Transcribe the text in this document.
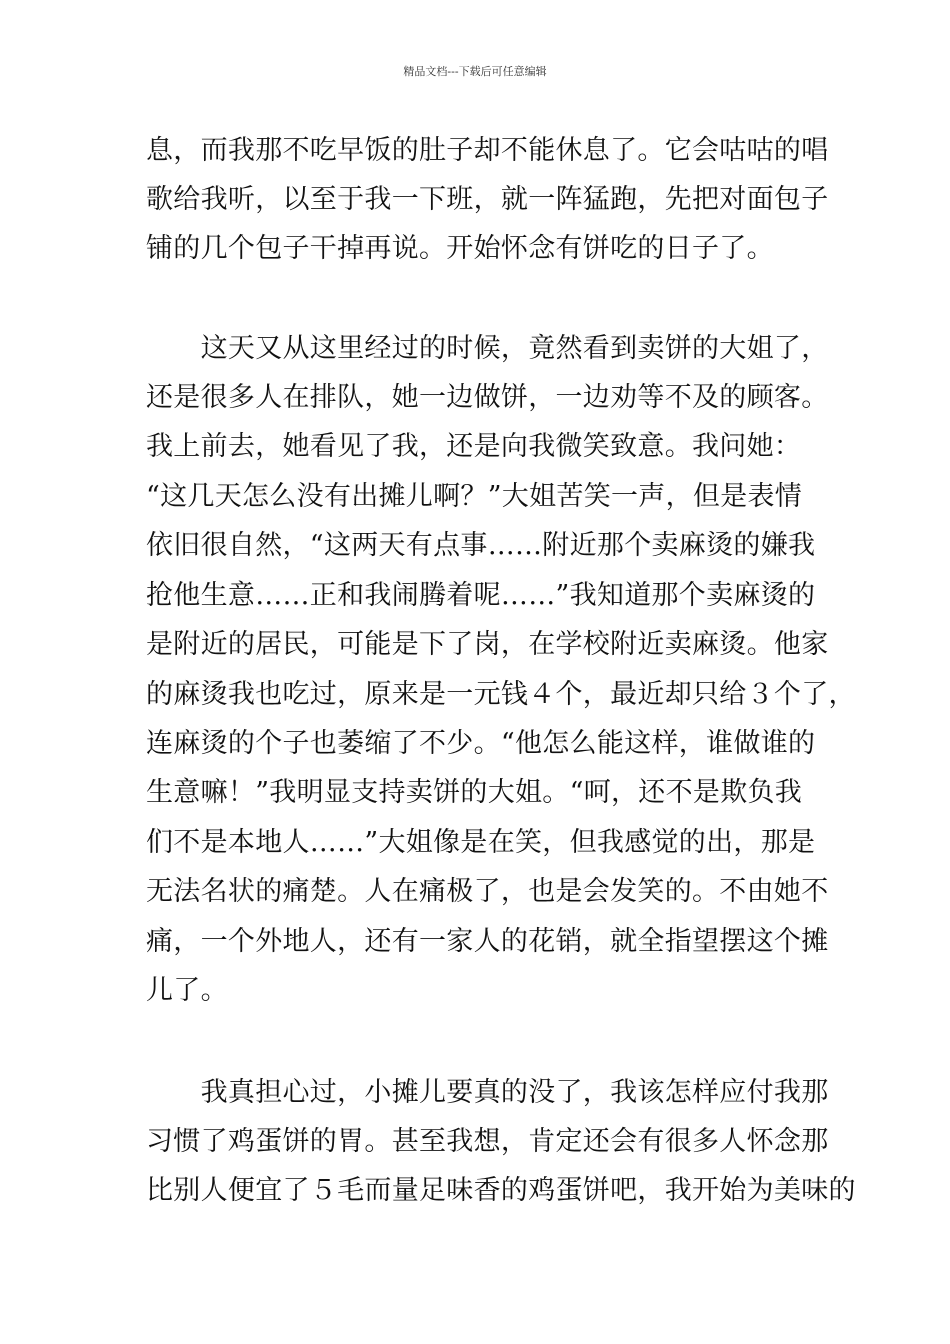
精品文档---下载后可任意编辑
息，而我那不吃早饭的肚子却不能休息了。它会咕咕的唱
歌给我听，以至于我一下班，就一阵猛跑，先把对面包子
铺的几个包子干掉再说。开始怀念有饼吃的日子了。
　　这天又从这里经过的时候，竟然看到卖饼的大姐了，
还是很多人在排队，她一边做饼，一边劝等不及的顾客。
我上前去，她看见了我，还是向我微笑致意。我问她：
“这几天怎么没有出摊儿啊？”大姐苦笑一声，但是表情
依旧很自然，“这两天有点事……附近那个卖麻烫的嫌我
抢他生意……正和我闹腾着呢……”我知道那个卖麻烫的
是附近的居民，可能是下了岗，在学校附近卖麻烫。他家
的麻烫我也吃过，原来是一元钱４个，最近却只给３个了，
连麻烫的个子也萎缩了不少。“他怎么能这样，谁做谁的
生意嘛！”我明显支持卖饼的大姐。“呵，还不是欺负我
们不是本地人……”大姐像是在笑，但我感觉的出，那是
无法名状的痛楚。人在痛极了，也是会发笑的。不由她不
痛，一个外地人，还有一家人的花销，就全指望摆这个摊
儿了。
　　我真担心过，小摊儿要真的没了，我该怎样应付我那
习惯了鸡蛋饼的胃。甚至我想，肯定还会有很多人怀念那
比别人便宜了５毛而量足味香的鸡蛋饼吧，我开始为美味的
